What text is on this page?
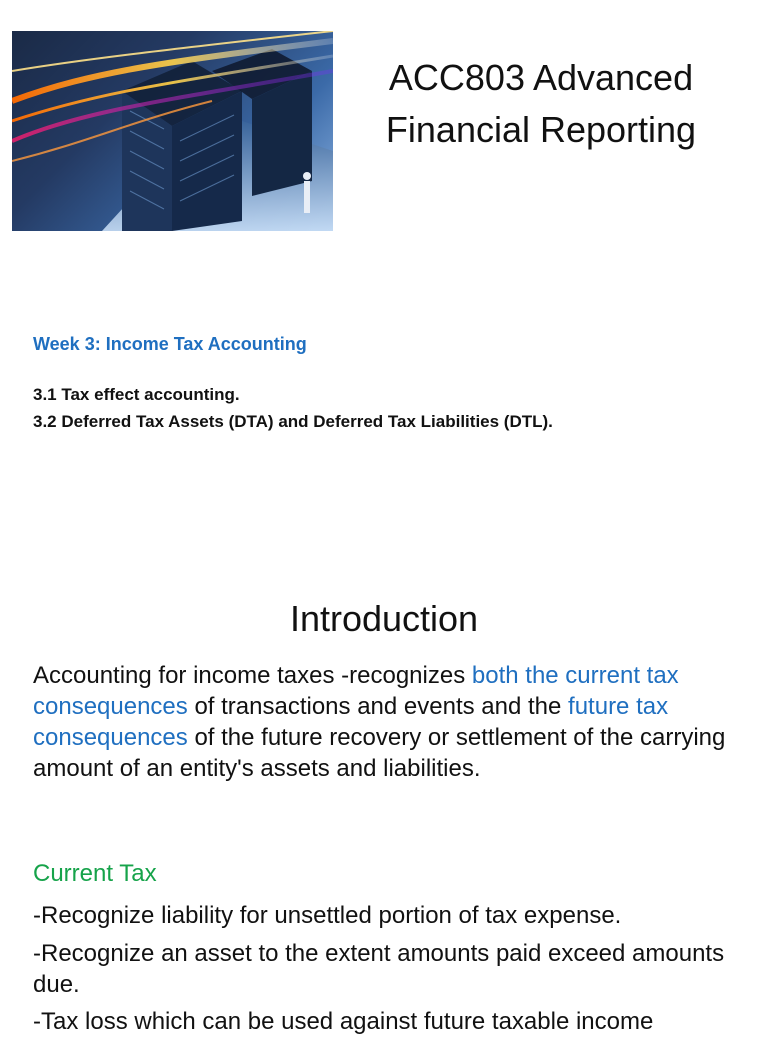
ACC803 Advanced
Financial Reporting
Week 3: Income Tax Accounting
3.1 Tax effect accounting.
3.2 Deferred Tax Assets (DTA) and Deferred Tax Liabilities (DTL).
Introduction
Accounting for income taxes -recognizes both the current tax consequences of transactions and events and the future tax consequences of the future recovery or settlement of the carrying amount of an entity's assets and liabilities.
Current Tax
-Recognize liability for unsettled portion of tax expense.
-Recognize an asset to the extent amounts paid exceed amounts due.
-Tax loss which can be used against future taxable income
